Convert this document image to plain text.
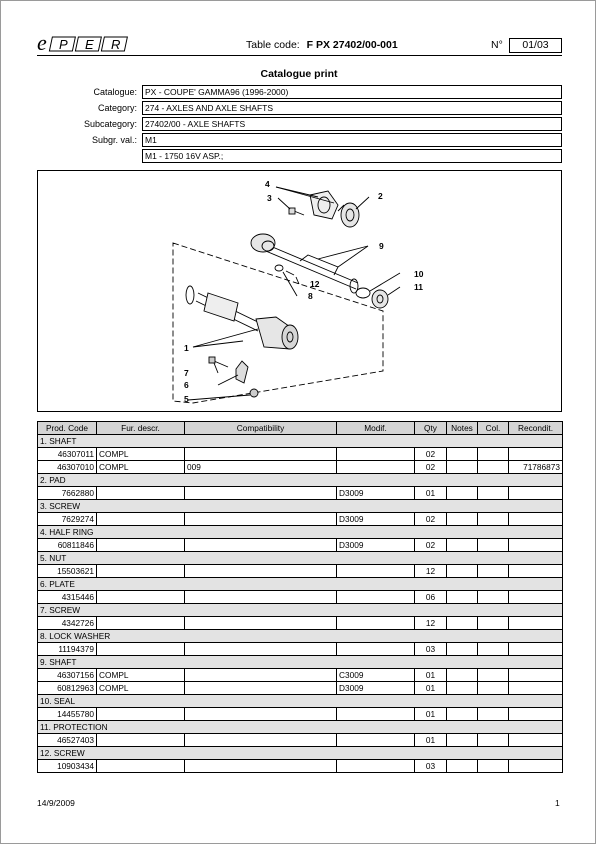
e P E R	Table code: F PX 27402/00-001	N°	01/03
Catalogue print
Catalogue: PX - COUPE' GAMMA96 (1996-2000)
Category: 274 - AXLES AND AXLE SHAFTS
Subcategory: 27402/00 - AXLE SHAFTS
Subgr. val.: M1
M1 - 1750 16V ASP.;
4
3	2
9
10
11
12
8
1
7
6
5
Prod. Code	Fur. descr.	Compatibility	Modif.	Qty	Notes	Col.	Recondit.
1. SHAFT							
46307011	COMPL			02			
46307010	COMPL	009		02			71786873
2. PAD							
7662880			D3009	01			
3. SCREW							
7629274			D3009	02			
4. HALF RING							
60811846			D3009	02			
5. NUT							
15503621				12			
6. PLATE							
4315446				06			
7. SCREW							
4342726				12			
8. LOCK WASHER							
11194379				03			
9. SHAFT							
46307156	COMPL		C3009	01			
60812963	COMPL		D3009	01			
10. SEAL							
14455780				01			
11. PROTECTION							
46527403				01			
12. SCREW							
10903434				03			
14/9/2009	1
